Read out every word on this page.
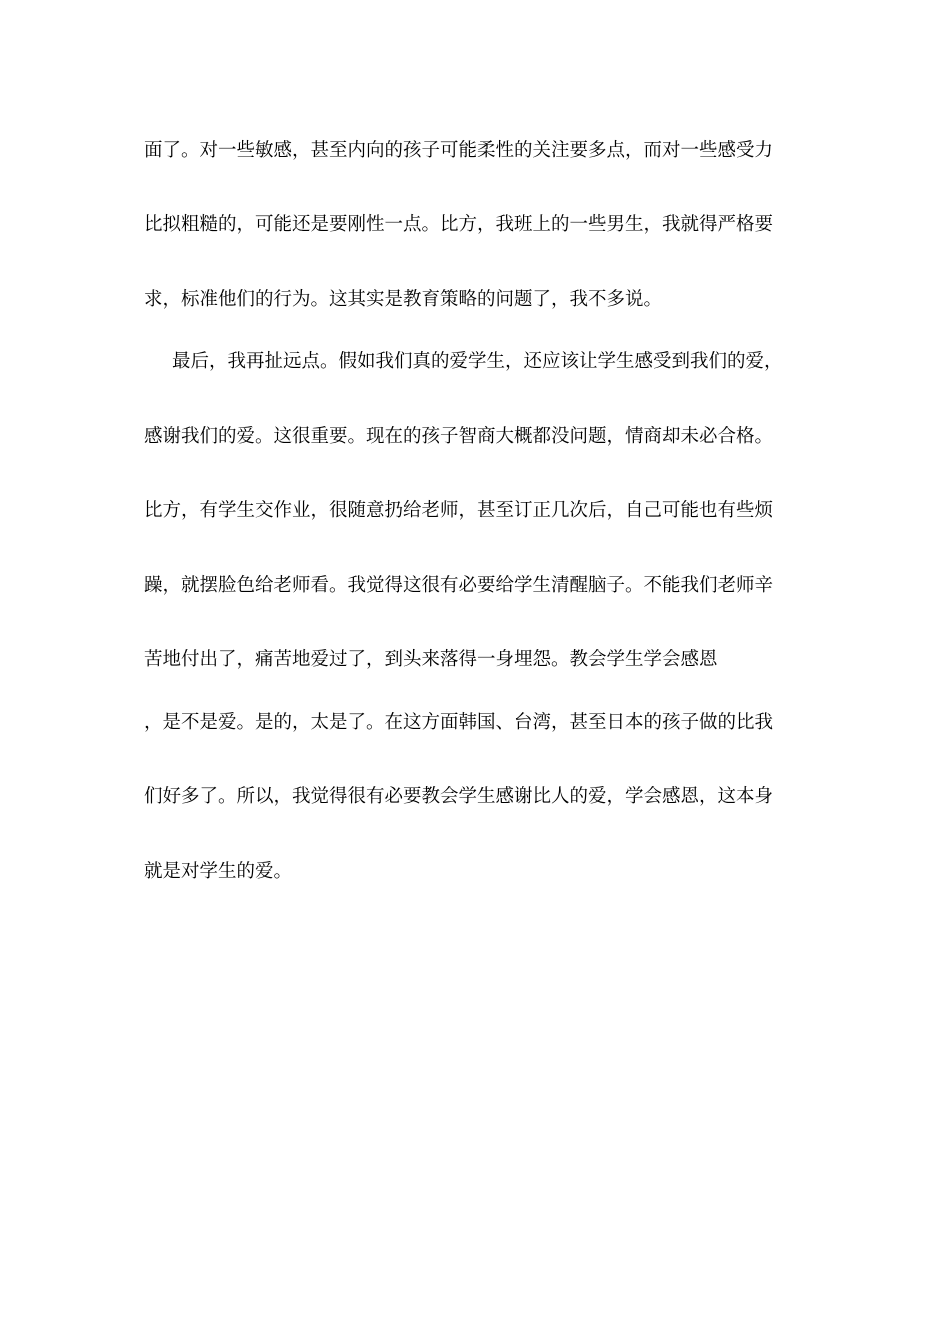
面了。对一些敏感，甚至内向的孩子可能柔性的关注要多点，而对一些感受力
比拟粗糙的，可能还是要刚性一点。比方，我班上的一些男生，我就得严格要
求，标准他们的行为。这其实是教育策略的问题了，我不多说。
最后，我再扯远点。假如我们真的爱学生，还应该让学生感受到我们的爱，
感谢我们的爱。这很重要。现在的孩子智商大概都没问题，情商却未必合格。
比方，有学生交作业，很随意扔给老师，甚至订正几次后，自己可能也有些烦
躁，就摆脸色给老师看。我觉得这很有必要给学生清醒脑子。不能我们老师辛
苦地付出了，痛苦地爱过了，到头来落得一身埋怨。教会学生学会感恩
，是不是爱。是的，太是了。在这方面韩国、台湾，甚至日本的孩子做的比我
们好多了。所以，我觉得很有必要教会学生感谢比人的爱，学会感恩，这本身
就是对学生的爱。
